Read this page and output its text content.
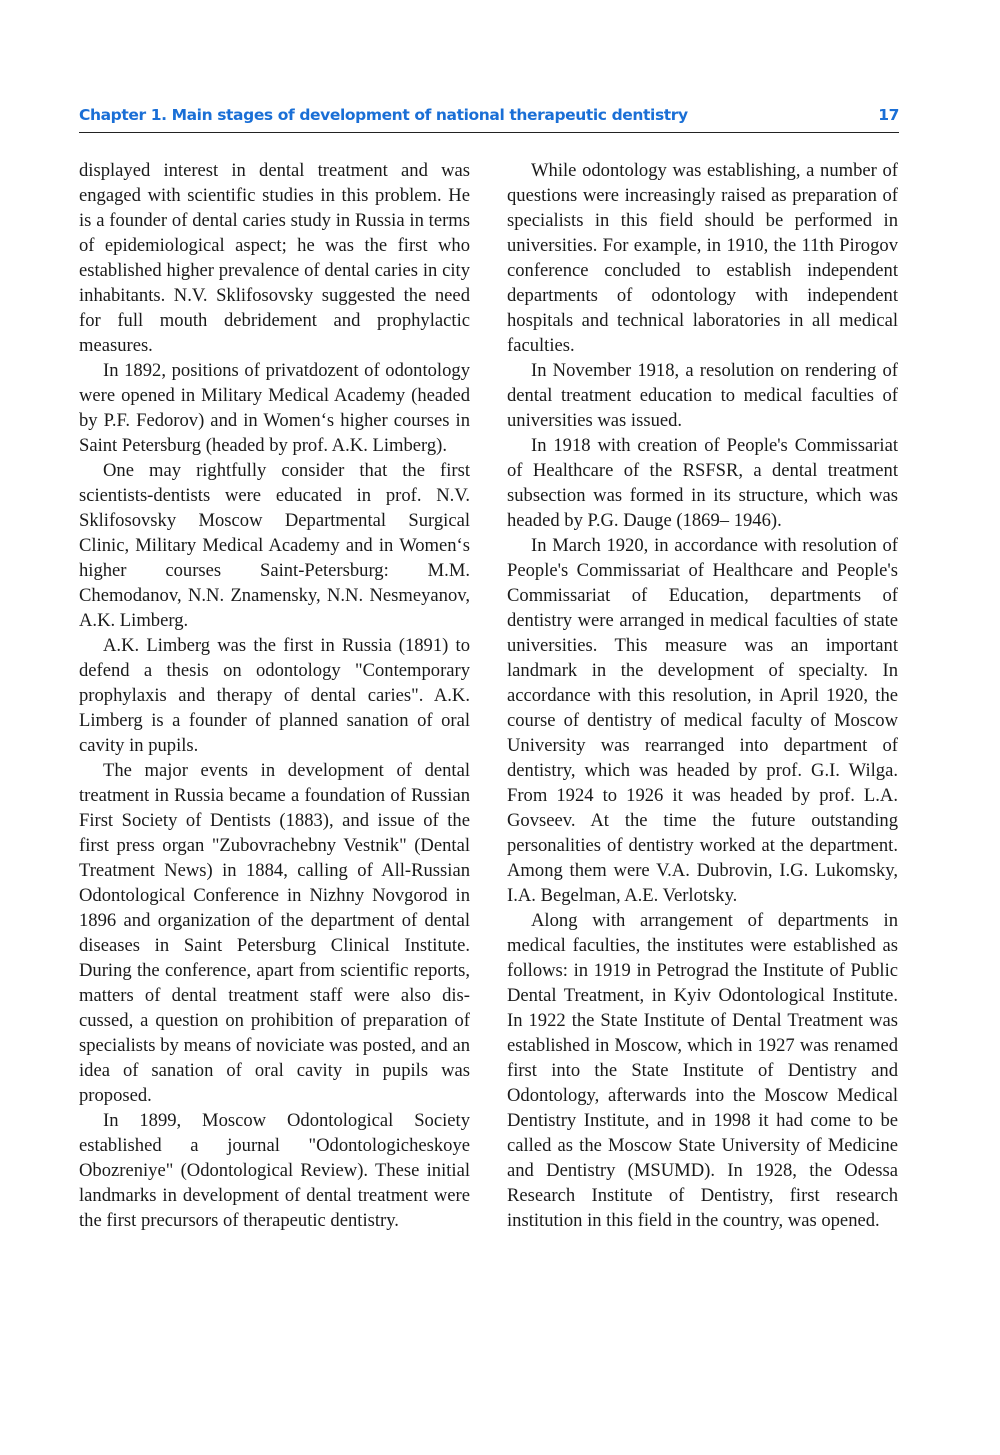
Chapter 1. Main stages of development of national therapeutic dentistry	17

displayed interest in dental treatment and was engaged with scientific studies in this problem. He is a founder of dental caries study in Russia in terms of epidemiological aspect; he was the first who established higher prevalence of dental caries in city inhabitants. N.V. Sklifosovsky suggested the need for full mouth debridement and prophylactic measures.

In 1892, positions of privatdozent of odontology were opened in Military Medical Academy (headed by P.F. Fedorov) and in Women‘s higher courses in Saint Petersburg (headed by prof. A.K. Limberg).

One may rightfully consider that the first scientists-dentists were educated in prof. N.V. Sklifosovsky Moscow Departmental Surgical Clinic, Military Medical Academy and in Women‘s higher courses Saint-Petersburg: M.M. Chemodanov, N.N. Znamensky, N.N. Nesmeyanov, A.K. Limberg.

A.K. Limberg was the first in Russia (1891) to defend a thesis on odontology "Contemporary prophylaxis and therapy of dental caries". A.K. Limberg is a founder of planned sanation of oral cavity in pupils.

The major events in development of dental treatment in Russia became a foundation of Russian First Society of Dentists (1883), and issue of the first press organ "Zubovrachebny Vestnik" (Dental Treatment News) in 1884, calling of All-Russian Odontological Conference in Nizhny Novgorod in 1896 and organization of the department of dental diseases in Saint Petersburg Clinical Institute. During the conference, apart from scientific reports, matters of dental treatment staff were also discussed, a question on prohibition of preparation of specialists by means of noviciate was posted, and an idea of sanation of oral cavity in pupils was proposed.

In 1899, Moscow Odontological Society established a journal "Odontologicheskoye Obozreniye" (Odontological Review). These initial landmarks in development of dental treatment were the first precursors of therapeutic dentistry.

While odontology was establishing, a number of questions were increasingly raised as preparation of specialists in this field should be performed in universities. For example, in 1910, the 11th Pirogov conference concluded to establish independent departments of odontology with independent hospitals and technical laboratories in all medical faculties.

In November 1918, a resolution on rendering of dental treatment education to medical faculties of universities was issued.

In 1918 with creation of People's Commissariat of Healthcare of the RSFSR, a dental treatment subsection was formed in its structure, which was headed by P.G. Dauge (1869– 1946).

In March 1920, in accordance with resolution of People's Commissariat of Healthcare and People's Commissariat of Education, departments of dentistry were arranged in medical faculties of state universities. This measure was an important landmark in the development of specialty. In accordance with this resolution, in April 1920, the course of dentistry of medical faculty of Moscow University was rearranged into department of dentistry, which was headed by prof. G.I. Wilga. From 1924 to 1926 it was headed by prof. L.A. Govseev. At the time the future outstanding personalities of dentistry worked at the department. Among them were V.A. Dubrovin, I.G. Lukomsky, I.A. Begelman, A.E. Verlotsky.

Along with arrangement of departments in medical faculties, the institutes were established as follows: in 1919 in Petrograd the Institute of Public Dental Treatment, in Kyiv Odontological Institute. In 1922 the State Institute of Dental Treatment was established in Moscow, which in 1927 was renamed first into the State Institute of Dentistry and Odontology, afterwards into the Moscow Medical Dentistry Institute, and in 1998 it had come to be called as the Moscow State University of Medicine and Dentistry (MSUMD). In 1928, the Odessa Research Institute of Dentistry, first research institution in this field in the country, was opened.
